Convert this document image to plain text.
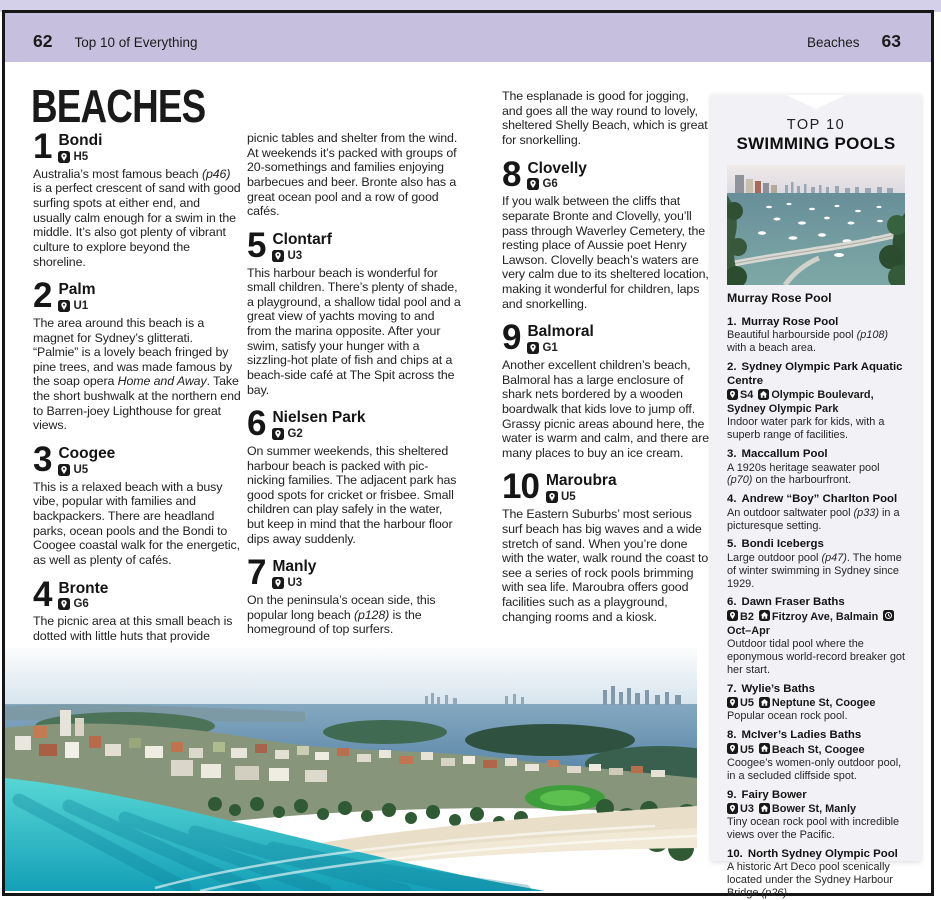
62 Top 10 of Everything	Beaches 63
BEACHES
1 Bondi
H5
Australia’s most famous beach (p46) is a perfect crescent of sand with good surfing spots at either end, and usually calm enough for a swim in the middle. It’s also got plenty of vibrant culture to explore beyond the shoreline.
2 Palm
U1
The area around this beach is a magnet for Sydney’s glitterati. “Palmie” is a lovely beach fringed by pine trees, and was made famous by the soap opera Home and Away. Take the short bushwalk at the northern end to Barren-joey Lighthouse for great views.
3 Coogee
U5
This is a relaxed beach with a busy vibe, popular with families and backpackers. There are headland parks, ocean pools and the Bondi to Coogee coastal walk for the energetic, as well as plenty of cafés.
4 Bronte
G6
The picnic area at this small beach is dotted with little huts that provide
picnic tables and shelter from the wind. At weekends it’s packed with groups of 20-somethings and families enjoying barbecues and beer. Bronte also has a great ocean pool and a row of good cafés.
5 Clontarf
U3
This harbour beach is wonderful for small children. There’s plenty of shade, a playground, a shallow tidal pool and a great view of yachts moving to and from the marina opposite. After your swim, satisfy your hunger with a sizzling-hot plate of fish and chips at a beach-side café at The Spit across the bay.
6 Nielsen Park
G2
On summer weekends, this sheltered harbour beach is packed with pic-nicking families. The adjacent park has good spots for cricket or frisbee. Small children can play safely in the water, but keep in mind that the harbour floor dips away suddenly.
7 Manly
U3
On the peninsula’s ocean side, this popular long beach (p128) is the homeground of top surfers.
The esplanade is good for jogging, and goes all the way round to lovely, sheltered Shelly Beach, which is great for snorkelling.
8 Clovelly
G6
If you walk between the cliffs that separate Bronte and Clovelly, you’ll pass through Waverley Cemetery, the resting place of Aussie poet Henry Lawson. Clovelly beach’s waters are very calm due to its sheltered location, making it wonderful for children, laps and snorkelling.
9 Balmoral
G1
Another excellent children’s beach, Balmoral has a large enclosure of shark nets bordered by a wooden boardwalk that kids love to jump off. Grassy picnic areas abound here, the water is warm and calm, and there are many places to buy an ice cream.
10 Maroubra
U5
The Eastern Suburbs’ most serious surf beach has big waves and a wide stretch of sand. When you’re done with the water, walk round the coast to see a series of rock pools brimming with sea life. Maroubra offers good facilities such as a playground, changing rooms and a kiosk.
TOP 10
SWIMMING POOLS
Murray Rose Pool
1. Murray Rose Pool
Beautiful harbourside pool (p108) with a beach area.
2. Sydney Olympic Park Aquatic Centre
S4 Olympic Boulevard, Sydney Olympic Park
Indoor water park for kids, with a superb range of facilities.
3. Maccallum Pool
A 1920s heritage seawater pool (p70) on the harbourfront.
4. Andrew “Boy” Charlton Pool
An outdoor saltwater pool (p33) in a picturesque setting.
5. Bondi Icebergs
Large outdoor pool (p47). The home of winter swimming in Sydney since 1929.
6. Dawn Fraser Baths
B2 Fitzroy Ave, BalmainOct–Apr
Outdoor tidal pool where the eponymous world-record breaker got her start.
7. Wylie’s Baths
U5 Neptune St, Coogee
Popular ocean rock pool.
8. McIver’s Ladies Baths
U5 Beach St, Coogee
Coogee’s women-only outdoor pool, in a secluded cliffside spot.
9. Fairy Bower
U3 Bower St, Manly
Tiny ocean rock pool with incredible views over the Pacific.
10. North Sydney Olympic Pool
A historic Art Deco pool scenically located under the Sydney Harbour Bridge (p26).
